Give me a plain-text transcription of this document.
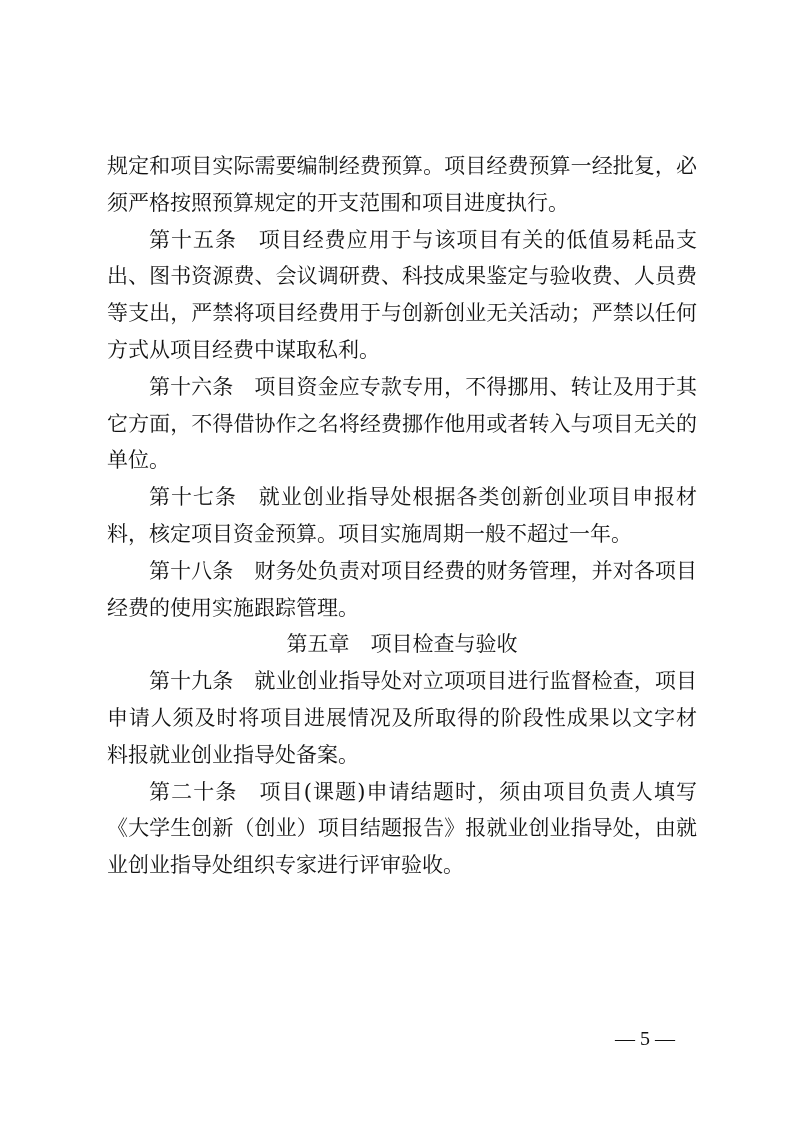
规定和项目实际需要编制经费预算。项目经费预算一经批复，必
须严格按照预算规定的开支范围和项目进度执行。
第十五条　项目经费应用于与该项目有关的低值易耗品支
出、图书资源费、会议调研费、科技成果鉴定与验收费、人员费
等支出，严禁将项目经费用于与创新创业无关活动；严禁以任何
方式从项目经费中谋取私利。
第十六条　项目资金应专款专用，不得挪用、转让及用于其
它方面，不得借协作之名将经费挪作他用或者转入与项目无关的
单位。
第十七条　就业创业指导处根据各类创新创业项目申报材
料，核定项目资金预算。项目实施周期一般不超过一年。
第十八条　财务处负责对项目经费的财务管理，并对各项目
经费的使用实施跟踪管理。
第五章　项目检查与验收
第十九条　就业创业指导处对立项项目进行监督检查，项目
申请人须及时将项目进展情况及所取得的阶段性成果以文字材
料报就业创业指导处备案。
第二十条　项目(课题)申请结题时，须由项目负责人填写
《大学生创新（创业）项目结题报告》报就业创业指导处，由就
业创业指导处组织专家进行评审验收。
— 5 —
